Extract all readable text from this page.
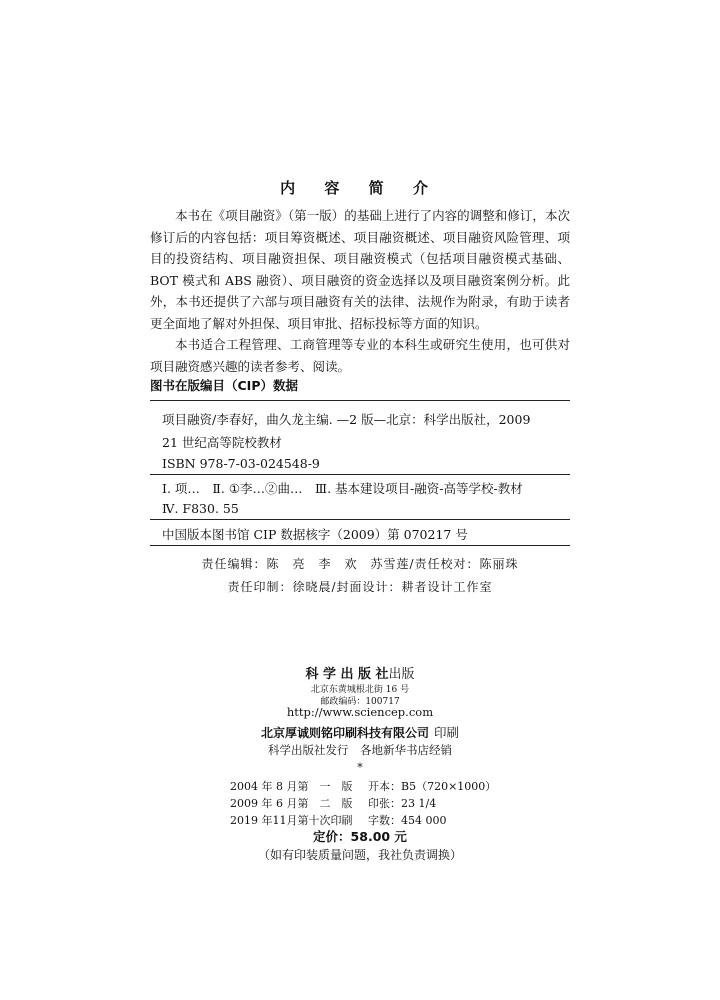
内 容 简 介

本书在《项目融资》（第一版）的基础上进行了内容的调整和修订，本次修订后的内容包括：项目筹资概述、项目融资概述、项目融资风险管理、项目的投资结构、项目融资担保、项目融资模式（包括项目融资模式基础、BOT 模式和 ABS 融资）、项目融资的资金选择以及项目融资案例分析。此外，本书还提供了六部与项目融资有关的法律、法规作为附录，有助于读者更全面地了解对外担保、项目审批、招标投标等方面的知识。

本书适合工程管理、工商管理等专业的本科生或研究生使用，也可供对项目融资感兴趣的读者参考、阅读。

图书在版编目（CIP）数据
项目融资/李春好，曲久龙主编. —2 版—北京：科学出版社，2009
21 世纪高等院校教材
ISBN 978-7-03-024548-9
Ⅰ. 项…　Ⅱ. ①李…②曲…　Ⅲ. 基本建设项目-融资-高等学校-教材
Ⅳ. F830. 55
中国版本图书馆 CIP 数据核字（2009）第 070217 号
责任编辑：陈　亮　李　欢　苏雪莲/责任校对：陈丽珠
责任印制：徐晓晨/封面设计：耕者设计工作室
科 学 出 版 社出版
北京东黄城根北街 16 号
邮政编码：100717
http://www.sciencep.com
北京厚诚则铭印刷科技有限公司 印刷
科学出版社发行　各地新华书店经销
*
2004 年 8 月第　一　版 开本：B5（720×1000）
2009 年 6 月第　二　版 印张：23 1/4
2019 年11月第十次印刷 字数：454 000
定价：58.00 元
（如有印装质量问题，我社负责调换）
